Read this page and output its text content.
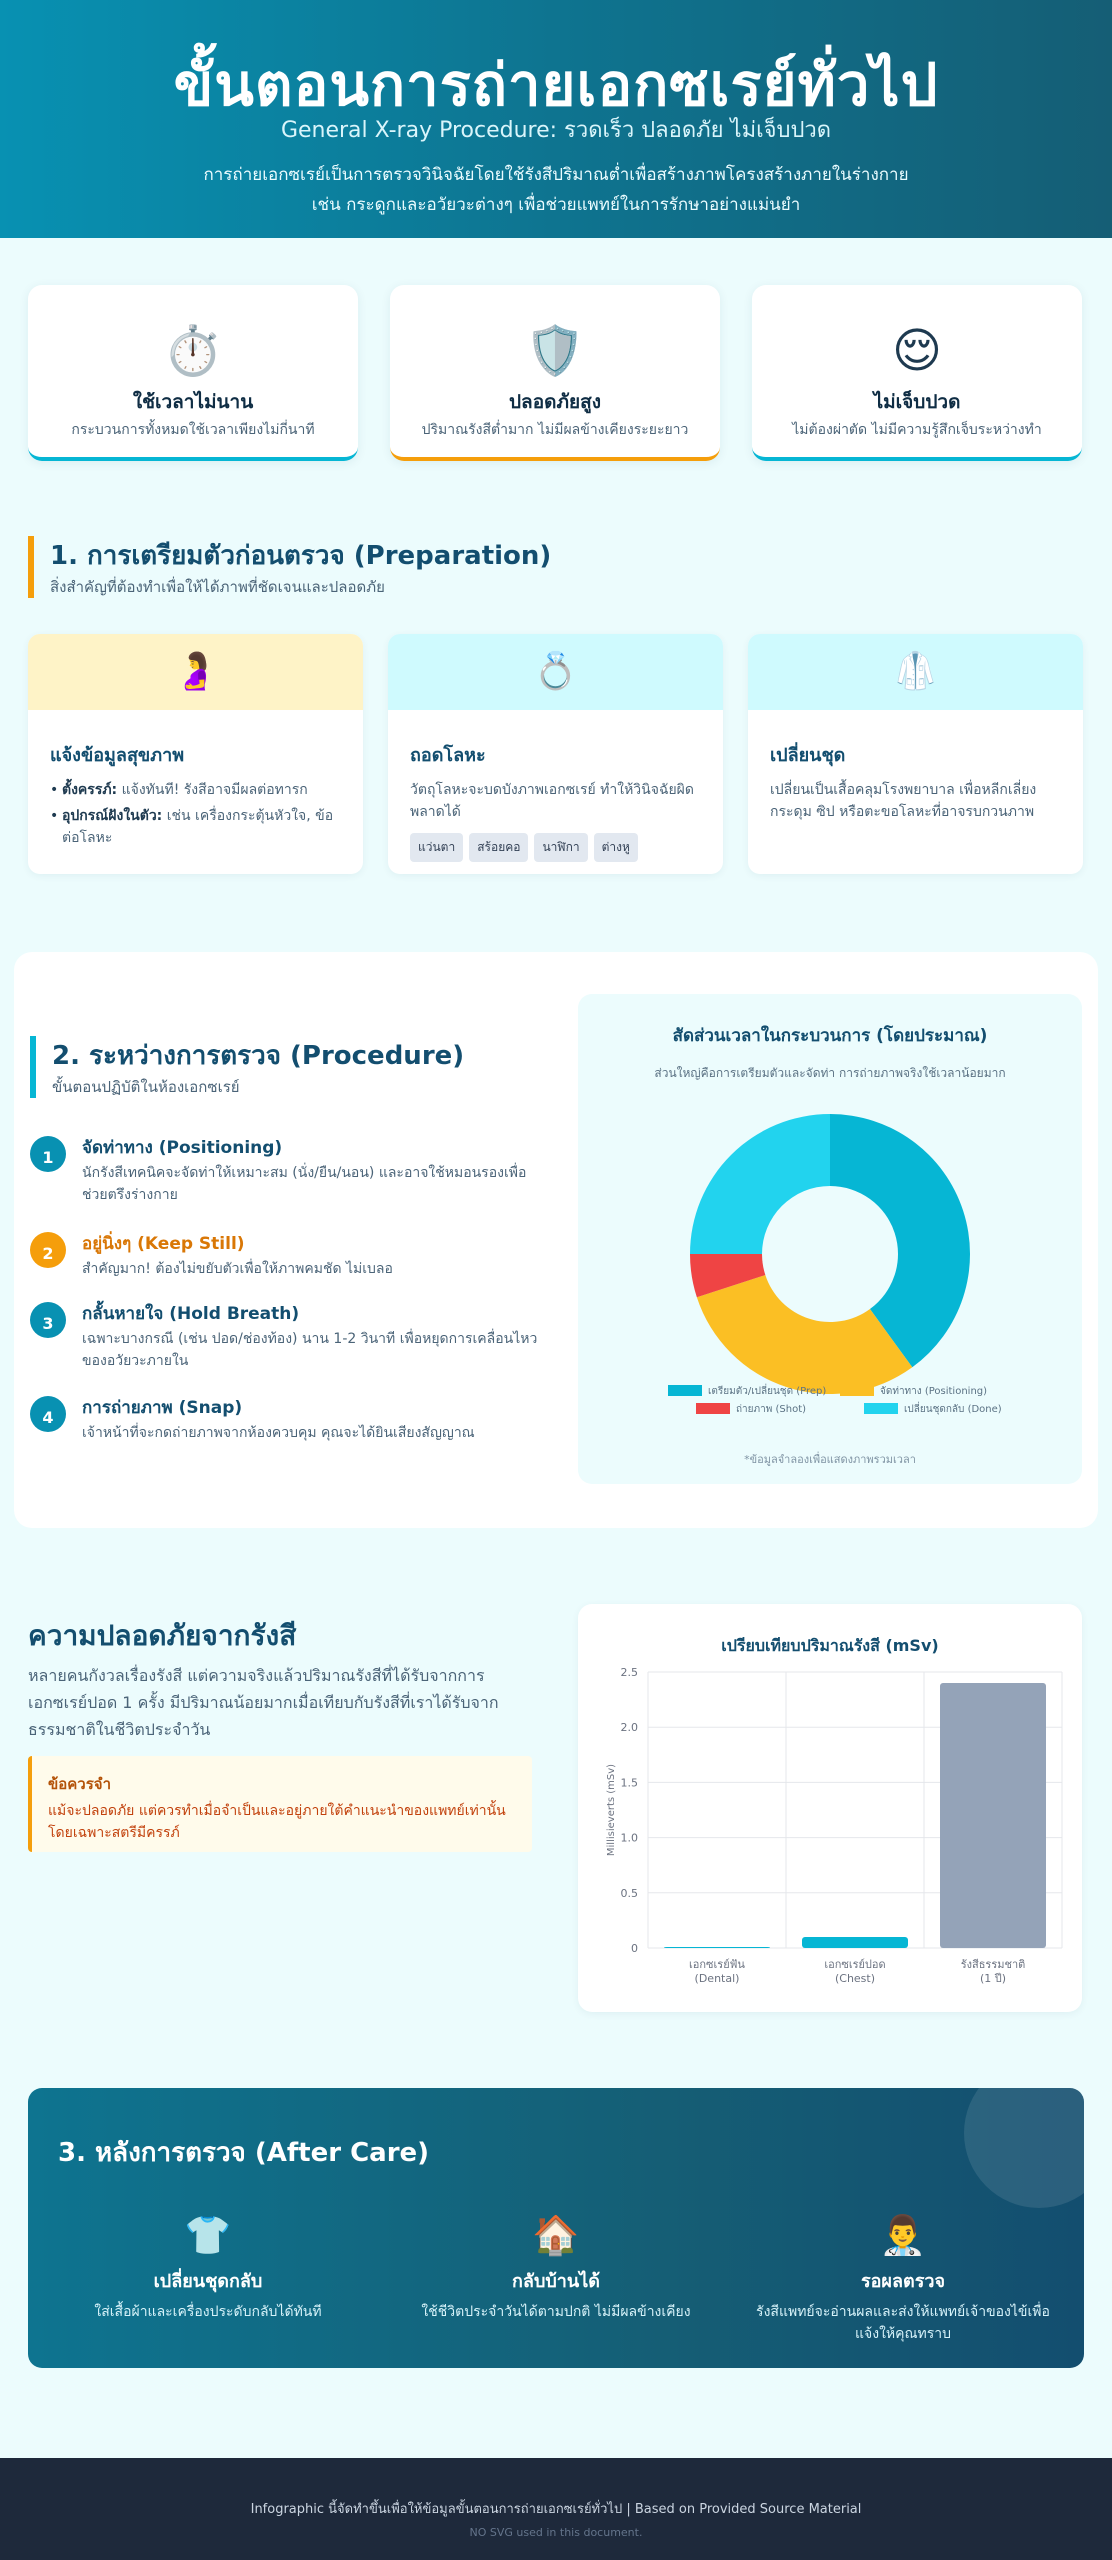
ขั้นตอนการถ่ายเอกซเรย์ทั่วไป
General X-ray Procedure: รวดเร็ว ปลอดภัย ไม่เจ็บปวด
การถ่ายเอกซเรย์เป็นการตรวจวินิจฉัยโดยใช้รังสีปริมาณต่ำเพื่อสร้างภาพโครงสร้างภายในร่างกาย เช่น กระดูกและอวัยวะต่างๆ เพื่อช่วยแพทย์ในการรักษาอย่างแม่นยำ
⏱️
ใช้เวลาไม่นาน
กระบวนการทั้งหมดใช้เวลาเพียงไม่กี่นาที
🛡️
ปลอดภัยสูง
ปริมาณรังสีต่ำมาก ไม่มีผลข้างเคียงระยะยาว
😌
ไม่เจ็บปวด
ไม่ต้องผ่าตัด ไม่มีความรู้สึกเจ็บระหว่างทำ
1. การเตรียมตัวก่อนตรวจ (Preparation)

สิ่งสำคัญที่ต้องทำเพื่อให้ได้ภาพที่ชัดเจนและปลอดภัย

🤰
แจ้งข้อมูลสุขภาพ
• ตั้งครรภ์: แจ้งทันที! รังสีอาจมีผลต่อทารก
• อุปกรณ์ฝังในตัว: เช่น เครื่องกระตุ้นหัวใจ, ข้อต่อโลหะ
💍
ถอดโลหะ
วัตถุโลหะจะบดบังภาพเอกซเรย์ ทำให้วินิจฉัยผิดพลาดได้
แว่นตา สร้อยคอ นาฬิกา ต่างหู
🥼
เปลี่ยนชุด
เปลี่ยนเป็นเสื้อคลุมโรงพยาบาล เพื่อหลีกเลี่ยงกระดุม ซิป หรือตะขอโลหะที่อาจรบกวนภาพ
2. ระหว่างการตรวจ (Procedure)

ขั้นตอนปฏิบัติในห้องเอกซเรย์

1	จัดท่าทาง (Positioning)

นักรังสีเทคนิคจะจัดท่าให้เหมาะสม (นั่ง/ยืน/นอน) และอาจใช้หมอนรองเพื่อช่วยตรึงร่างกาย

2	อยู่นิ่งๆ (Keep Still)

สำคัญมาก! ต้องไม่ขยับตัวเพื่อให้ภาพคมชัด ไม่เบลอ

3	กลั้นหายใจ (Hold Breath)

เฉพาะบางกรณี (เช่น ปอด/ช่องท้อง) นาน 1-2 วินาที เพื่อหยุดการเคลื่อนไหวของอวัยวะภายใน

4	การถ่ายภาพ (Snap)

เจ้าหน้าที่จะกดถ่ายภาพจากห้องควบคุม คุณจะได้ยินเสียงสัญญาณ

เตรียมตัว/เปลี่ยนชุด (Prep)	จัดท่าทาง (Positioning)
ถ่ายภาพ (Shot)	เปลี่ยนชุดกลับ (Done)
สัดส่วนเวลาในกระบวนการ (โดยประมาณ)
ส่วนใหญ่คือการเตรียมตัวและจัดท่า การถ่ายภาพจริงใช้เวลาน้อยมาก
*ข้อมูลจำลองเพื่อแสดงภาพรวมเวลา
ความปลอดภัยจากรังสี
หลายคนกังวลเรื่องรังสี แต่ความจริงแล้วปริมาณรังสีที่ได้รับจากการเอกซเรย์ปอด 1 ครั้ง มีปริมาณน้อยมากเมื่อเทียบกับรังสีที่เราได้รับจากธรรมชาติในชีวิตประจำวัน
ข้อควรจำ
แม้จะปลอดภัย แต่ควรทำเมื่อจำเป็นและอยู่ภายใต้คำแนะนำของแพทย์เท่านั้น โดยเฉพาะสตรีมีครรภ์
เปรียบเทียบปริมาณรังสี (mSv)
0
0.5
1.0
1.5
2.0
2.5
Millisieverts (mSv)
เอกซเรย์ฟัน
(Dental)
เอกซเรย์ปอด
(Chest)
รังสีธรรมชาติ
(1 ปี)
3. หลังการตรวจ (After Care)
👕
เปลี่ยนชุดกลับ

ใส่เสื้อผ้าและเครื่องประดับกลับได้ทันที

🏠
กลับบ้านได้

ใช้ชีวิตประจำวันได้ตามปกติ ไม่มีผลข้างเคียง

👨‍⚕️
รอผลตรวจ

รังสีแพทย์จะอ่านผลและส่งให้แพทย์เจ้าของไข้เพื่อแจ้งให้คุณทราบ

Infographic นี้จัดทำขึ้นเพื่อให้ข้อมูลขั้นตอนการถ่ายเอกซเรย์ทั่วไป | Based on Provided Source Material
NO SVG used in this document.
